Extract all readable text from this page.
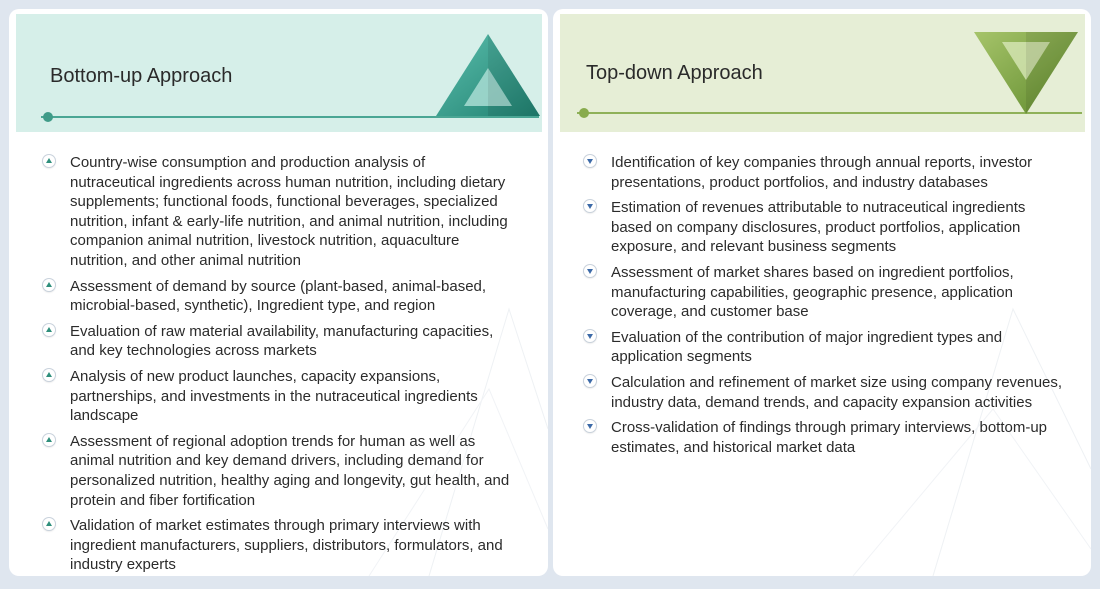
Bottom-up Approach
Country-wise consumption and production analysis of nutraceutical ingredients across human nutrition, including dietary supplements; functional foods, functional beverages, specialized nutrition, infant & early-life nutrition, and animal nutrition, including companion animal nutrition, livestock nutrition, aquaculture nutrition, and other animal nutrition
Assessment of demand by source (plant-based, animal-based, microbial-based, synthetic), Ingredient type, and region
Evaluation of raw material availability, manufacturing capacities, and key technologies across markets
Analysis of new product launches, capacity expansions, partnerships, and investments in the nutraceutical ingredients landscape
Assessment of regional adoption trends for human as well as animal nutrition and key demand drivers, including demand for personalized nutrition, healthy aging and longevity, gut health, and protein and fiber fortification
Validation of market estimates through primary interviews with ingredient manufacturers, suppliers, distributors, formulators, and industry experts
Top-down Approach
Identification of key companies through annual reports, investor presentations, product portfolios, and industry databases
Estimation of revenues attributable to nutraceutical ingredients based on company disclosures, product portfolios, application exposure, and relevant business segments
Assessment of market shares based on ingredient portfolios, manufacturing capabilities, geographic presence, application coverage, and customer base
Evaluation of the contribution of major ingredient types and application segments
Calculation and refinement of market size using company revenues, industry data, demand trends, and capacity expansion activities
Cross-validation of findings through primary interviews, bottom-up estimates, and historical market data
